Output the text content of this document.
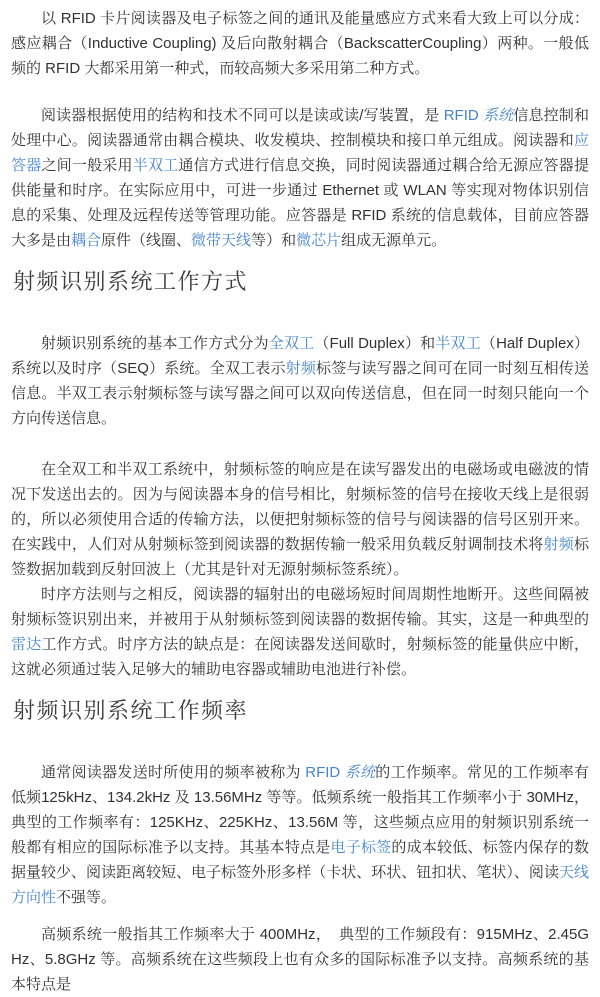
以 RFID 卡片阅读器及电子标签之间的通讯及能量感应方式来看大致上可以分成：感应耦合（Inductive Coupling) 及后向散射耦合（BackscatterCoupling）两种。一般低频的 RFID 大都采用第一种式，而较高频大多采用第二种方式。

阅读器根据使用的结构和技术不同可以是读或读/写装置，是 RFID 系统信息控制和处理中心。阅读器通常由耦合模块、收发模块、控制模块和接口单元组成。阅读器和应答器之间一般采用半双工通信方式进行信息交换，同时阅读器通过耦合给无源应答器提供能量和时序。在实际应用中，可进一步通过 Ethernet 或 WLAN 等实现对物体识别信息的采集、处理及远程传送等管理功能。应答器是 RFID 系统的信息载体，目前应答器大多是由耦合原件（线圈、微带天线等）和微芯片组成无源单元。

射频识别系统工作方式

射频识别系统的基本工作方式分为全双工（Full Duplex）和半双工（Half Duplex）系统以及时序（SEQ）系统。全双工表示射频标签与读写器之间可在同一时刻互相传送信息。半双工表示射频标签与读写器之间可以双向传送信息，但在同一时刻只能向一个方向传送信息。

在全双工和半双工系统中，射频标签的响应是在读写器发出的电磁场或电磁波的情况下发送出去的。因为与阅读器本身的信号相比，射频标签的信号在接收天线上是很弱的，所以必须使用合适的传输方法，以便把射频标签的信号与阅读器的信号区别开来。在实践中，人们对从射频标签到阅读器的数据传输一般采用负载反射调制技术将射频标签数据加载到反射回波上（尤其是针对无源射频标签系统）。

时序方法则与之相反，阅读器的辐射出的电磁场短时间周期性地断开。这些间隔被射频标签识别出来，并被用于从射频标签到阅读器的数据传输。其实，这是一种典型的雷达工作方式。时序方法的缺点是：在阅读器发送间歇时，射频标签的能量供应中断，这就必须通过装入足够大的辅助电容器或辅助电池进行补偿。

射频识别系统工作频率

通常阅读器发送时所使用的频率被称为 RFID 系统的工作频率。常见的工作频率有低频125kHz、134.2kHz 及 13.56MHz 等等。低频系统一般指其工作频率小于 30MHz，典型的工作频率有：125KHz、225KHz、13.56M 等，这些频点应用的射频识别系统一般都有相应的国际标准予以支持。其基本特点是电子标签的成本较低、标签内保存的数据量较少、阅读距离较短、电子标签外形多样（卡状、环状、钮扣状、笔状）、阅读天线方向性不强等。

高频系统一般指其工作频率大于 400MHz，　典型的工作频段有：915MHz、2.45GHz、5.8GHz 等。高频系统在这些频段上也有众多的国际标准予以支持。高频系统的基本特点是
